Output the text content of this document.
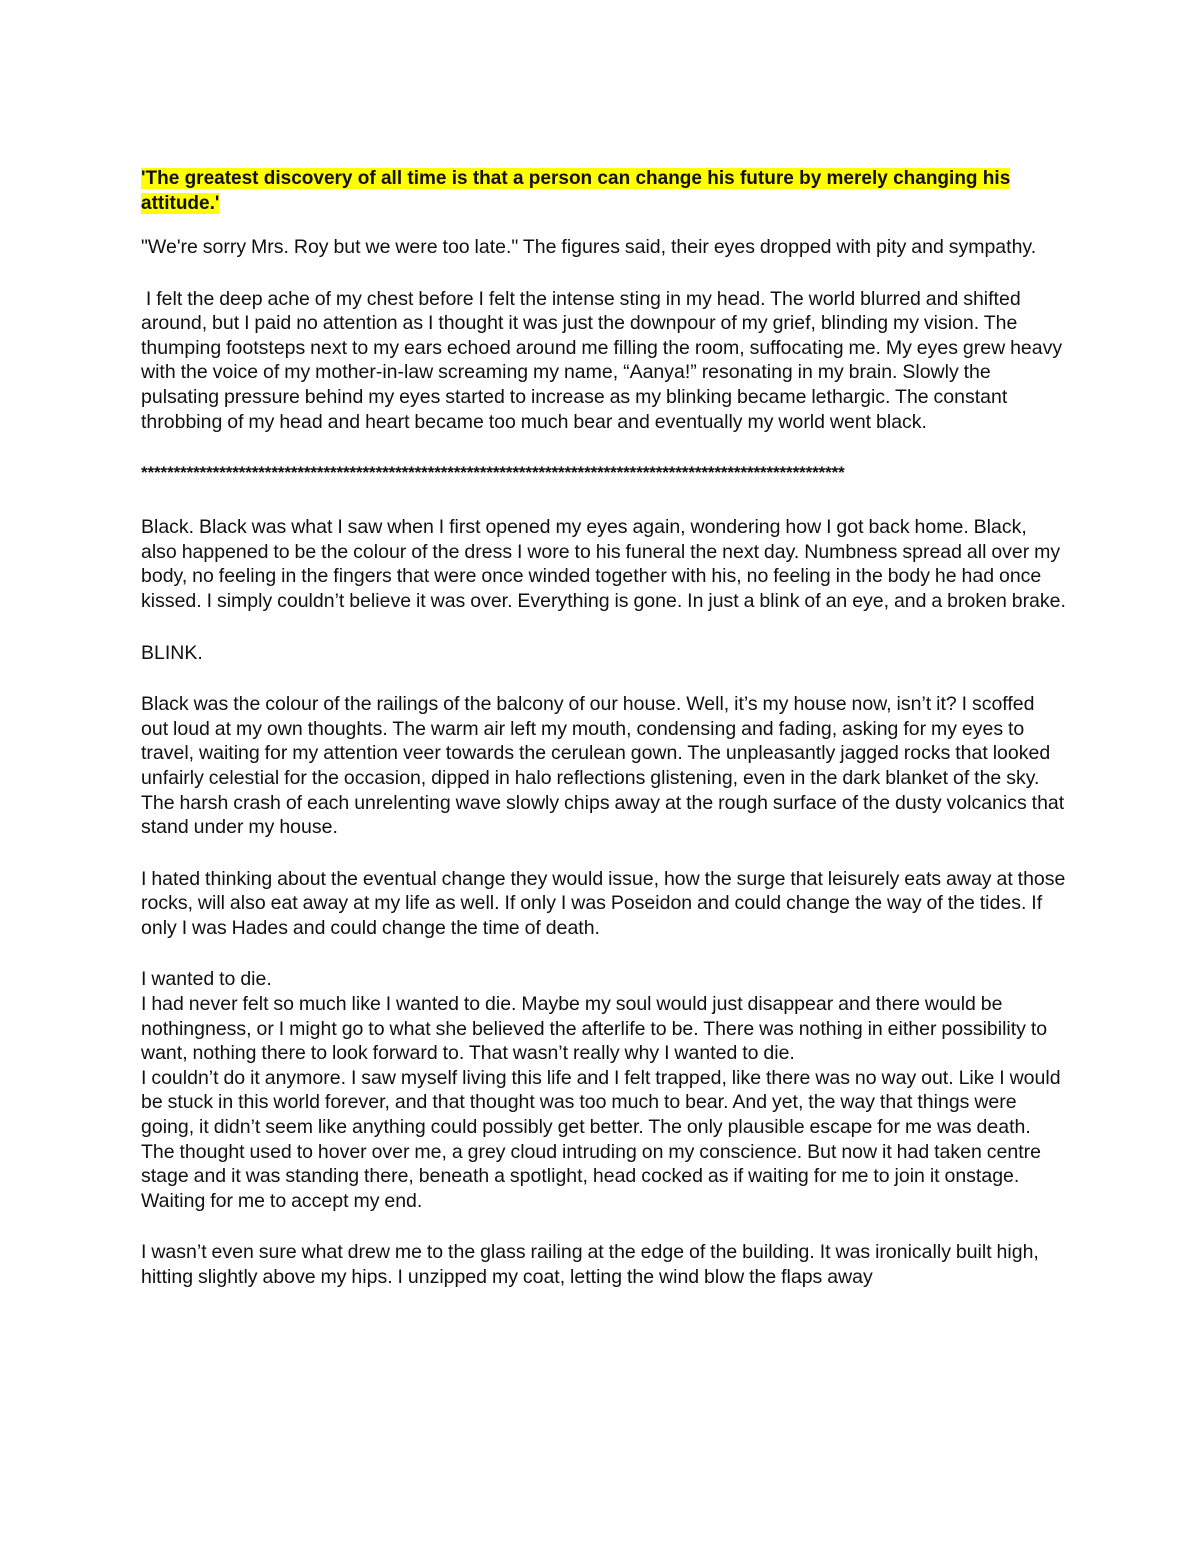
'The greatest discovery of all time is that a person can change his future by merely changing his attitude.'

"We're sorry Mrs. Roy but we were too late." The figures said, their eyes dropped with pity and sympathy.

I felt the deep ache of my chest before I felt the intense sting in my head. The world blurred and shifted around, but I paid no attention as I thought it was just the downpour of my grief, blinding my vision. The thumping footsteps next to my ears echoed around me filling the room, suffocating me. My eyes grew heavy with the voice of my mother-in-law screaming my name, “Aanya!” resonating in my brain. Slowly the pulsating pressure behind my eyes started to increase as my blinking became lethargic. The constant throbbing of my head and heart became too much bear and eventually my world went black.

************************************************************************************************************

Black. Black was what I saw when I first opened my eyes again, wondering how I got back home. Black, also happened to be the colour of the dress I wore to his funeral the next day. Numbness spread all over my body, no feeling in the fingers that were once winded together with his, no feeling in the body he had once kissed. I simply couldn’t believe it was over. Everything is gone. In just a blink of an eye, and a broken brake.

BLINK.

Black was the colour of the railings of the balcony of our house. Well, it’s my house now, isn’t it? I scoffed out loud at my own thoughts. The warm air left my mouth, condensing and fading, asking for my eyes to travel, waiting for my attention veer towards the cerulean gown. The unpleasantly jagged rocks that looked unfairly celestial for the occasion, dipped in halo reflections glistening, even in the dark blanket of the sky. The harsh crash of each unrelenting wave slowly chips away at the rough surface of the dusty volcanics that stand under my house.

I hated thinking about the eventual change they would issue, how the surge that leisurely eats away at those rocks, will also eat away at my life as well. If only I was Poseidon and could change the way of the tides. If only I was Hades and could change the time of death.

I wanted to die.

I had never felt so much like I wanted to die. Maybe my soul would just disappear and there would be nothingness, or I might go to what she believed the afterlife to be. There was nothing in either possibility to want, nothing there to look forward to. That wasn’t really why I wanted to die.

I couldn’t do it anymore. I saw myself living this life and I felt trapped, like there was no way out. Like I would be stuck in this world forever, and that thought was too much to bear. And yet, the way that things were going, it didn’t seem like anything could possibly get better. The only plausible escape for me was death.

The thought used to hover over me, a grey cloud intruding on my conscience. But now it had taken centre stage and it was standing there, beneath a spotlight, head cocked as if waiting for me to join it onstage. Waiting for me to accept my end.

I wasn’t even sure what drew me to the glass railing at the edge of the building. It was ironically built high, hitting slightly above my hips. I unzipped my coat, letting the wind blow the flaps away
